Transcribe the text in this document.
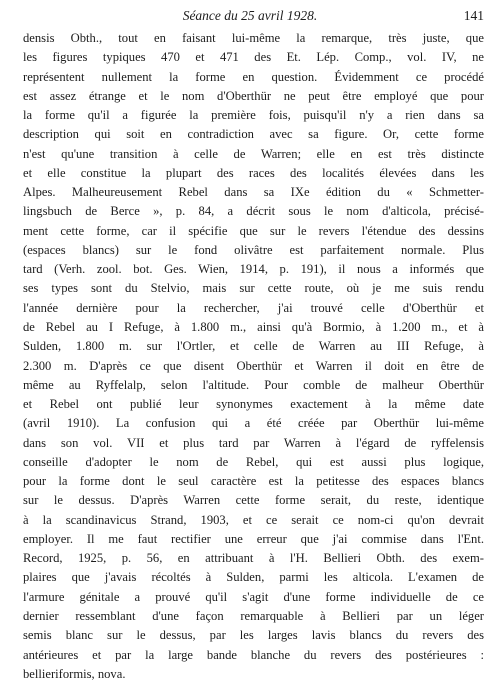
Séance du 25 avril 1928.	141
densis Obth., tout en faisant lui-même la remarque, très juste, que
les figures typiques 470 et 471 des Et. Lép. Comp., vol. IV, ne
représentent nullement la forme en question. Évidemment ce procédé
est assez étrange et le nom d'Oberthür ne peut être employé que pour
la forme qu'il a figurée la première fois, puisqu'il n'y a rien dans sa
description qui soit en contradiction avec sa figure. Or, cette forme
n'est qu'une transition à celle de Warren; elle en est très distincte
et elle constitue la plupart des races des localités élevées dans les
Alpes. Malheureusement Rebel dans sa IXe édition du « Schmetter-
lingsbuch de Berce », p. 84, a décrit sous le nom d'alticola, précisé-
ment cette forme, car il spécifie que sur le revers l'étendue des dessins
(espaces blancs) sur le fond olivâtre est parfaitement normale. Plus
tard (Verh. zool. bot. Ges. Wien, 1914, p. 191), il nous a informés que
ses types sont du Stelvio, mais sur cette route, où je me suis rendu
l'année dernière pour la rechercher, j'ai trouvé celle d'Oberthür et
de Rebel au I Refuge, à 1.800 m., ainsi qu'à Bormio, à 1.200 m., et à
Sulden, 1.800 m. sur l'Ortler, et celle de Warren au III Refuge, à
2.300 m. D'après ce que disent Oberthür et Warren il doit en être de
même au Ryffelalp, selon l'altitude. Pour comble de malheur Oberthür
et Rebel ont publié leur synonymes exactement à la même date
(avril 1910). La confusion qui a été créée par Oberthür lui-même
dans son vol. VII et plus tard par Warren à l'égard de ryffelensis
conseille d'adopter le nom de Rebel, qui est aussi plus logique,
pour la forme dont le seul caractère est la petitesse des espaces blancs
sur le dessus. D'après Warren cette forme serait, du reste, identique
à la scandinavicus Strand, 1903, et ce serait ce nom-ci qu'on devrait
employer. Il me faut rectifier une erreur que j'ai commise dans l'Ent.
Record, 1925, p. 56, en attribuant à l'H. Bellieri Obth. des exem-
plaires que j'avais récoltés à Sulden, parmi les alticola. L'examen de
l'armure génitale a prouvé qu'il s'agit d'une forme individuelle de ce
dernier ressemblant d'une façon remarquable à Bellieri par un léger
semis blanc sur le dessus, par les larges lavis blancs du revers des
antérieures et par la large bande blanche du revers des postérieures :
bellieriformis, nova.
